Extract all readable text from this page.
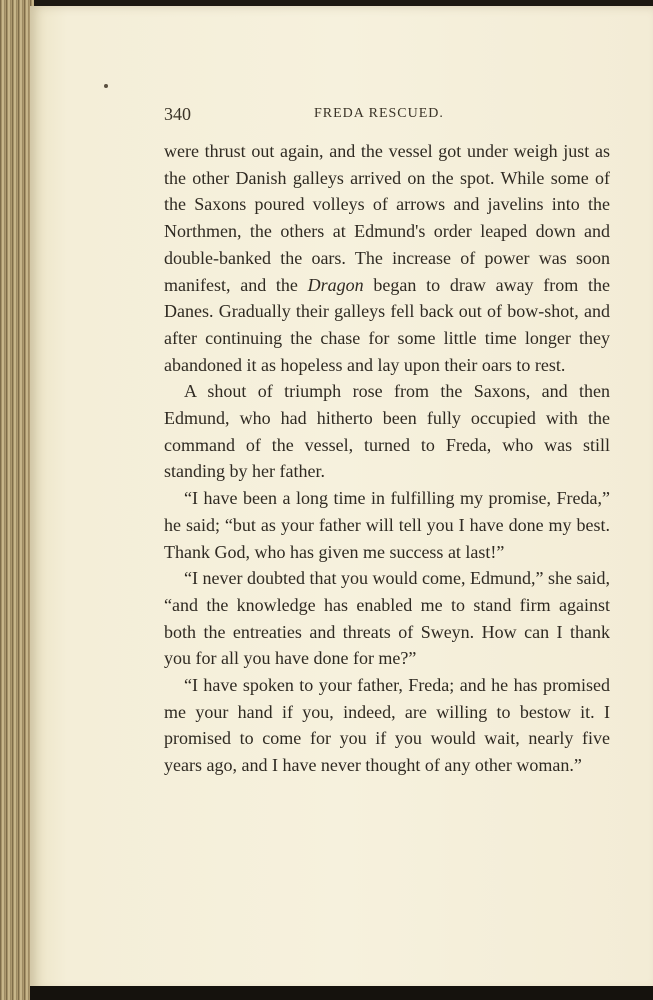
340	FREDA RESCUED.

were thrust out again, and the vessel got under weigh just as the other Danish galleys arrived on the spot. While some of the Saxons poured volleys of arrows and javelins into the Northmen, the others at Edmund's order leaped down and double-banked the oars. The increase of power was soon manifest, and the Dragon began to draw away from the Danes. Gradually their galleys fell back out of bow-shot, and after continuing the chase for some little time longer they abandoned it as hopeless and lay upon their oars to rest.

A shout of triumph rose from the Saxons, and then Edmund, who had hitherto been fully occupied with the command of the vessel, turned to Freda, who was still standing by her father.

“I have been a long time in fulfilling my promise, Freda,” he said; “but as your father will tell you I have done my best. Thank God, who has given me success at last!”

“I never doubted that you would come, Edmund,” she said, “and the knowledge has enabled me to stand firm against both the entreaties and threats of Sweyn. How can I thank you for all you have done for me?”

“I have spoken to your father, Freda; and he has promised me your hand if you, indeed, are willing to bestow it. I promised to come for you if you would wait, nearly five years ago, and I have never thought of any other woman.”
